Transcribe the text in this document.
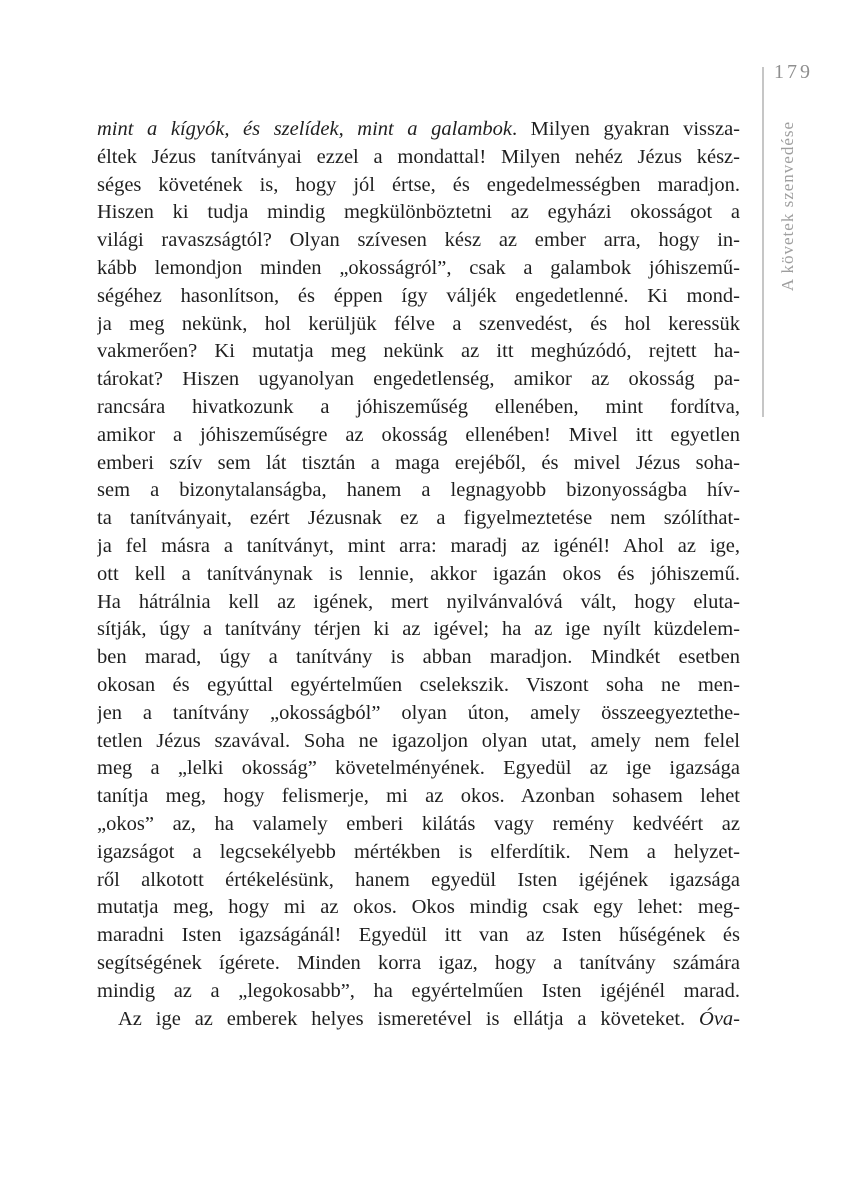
179
A követek szenvedése
mint a kígyók, és szelídek, mint a galambok. Milyen gyakran vissza-
éltek Jézus tanítványai ezzel a mondattal! Milyen nehéz Jézus kész-
séges követének is, hogy jól értse, és engedelmességben maradjon.
Hiszen ki tudja mindig megkülönböztetni az egyházi okosságot a
világi ravaszságtól? Olyan szívesen kész az ember arra, hogy in-
kább lemondjon minden „okosságról”, csak a galambok jóhiszemű-
ségéhez hasonlítson, és éppen így váljék engedetlenné. Ki mond-
ja meg nekünk, hol kerüljük félve a szenvedést, és hol keressük
vakmerően? Ki mutatja meg nekünk az itt meghúzódó, rejtett ha-
tárokat? Hiszen ugyanolyan engedetlenség, amikor az okosság pa-
rancsára hivatkozunk a jóhiszeműség ellenében, mint fordítva,
amikor a jóhiszeműségre az okosság ellenében! Mivel itt egyetlen
emberi szív sem lát tisztán a maga erejéből, és mivel Jézus soha-
sem a bizonytalanságba, hanem a legnagyobb bizonyosságba hív-
ta tanítványait, ezért Jézusnak ez a figyelmeztetése nem szólíthat-
ja fel másra a tanítványt, mint arra: maradj az igénél! Ahol az ige,
ott kell a tanítványnak is lennie, akkor igazán okos és jóhiszemű.
Ha hátrálnia kell az igének, mert nyilvánvalóvá vált, hogy eluta-
sítják, úgy a tanítvány térjen ki az igével; ha az ige nyílt küzdelem-
ben marad, úgy a tanítvány is abban maradjon. Mindkét esetben
okosan és egyúttal egyértelműen cselekszik. Viszont soha ne men-
jen a tanítvány „okosságból” olyan úton, amely összeegyeztethe-
tetlen Jézus szavával. Soha ne igazoljon olyan utat, amely nem felel
meg a „lelki okosság” követelményének. Egyedül az ige igazsága
tanítja meg, hogy felismerje, mi az okos. Azonban sohasem lehet
„okos” az, ha valamely emberi kilátás vagy remény kedvéért az
igazságot a legcsekélyebb mértékben is elferdítik. Nem a helyzet-
ről alkotott értékelésünk, hanem egyedül Isten igéjének igazsága
mutatja meg, hogy mi az okos. Okos mindig csak egy lehet: meg-
maradni Isten igazságánál! Egyedül itt van az Isten hűségének és
segítségének ígérete. Minden korra igaz, hogy a tanítvány számára
mindig az a „legokosabb”, ha egyértelműen Isten igéjénél marad.
Az ige az emberek helyes ismeretével is ellátja a követeket. Óva-
